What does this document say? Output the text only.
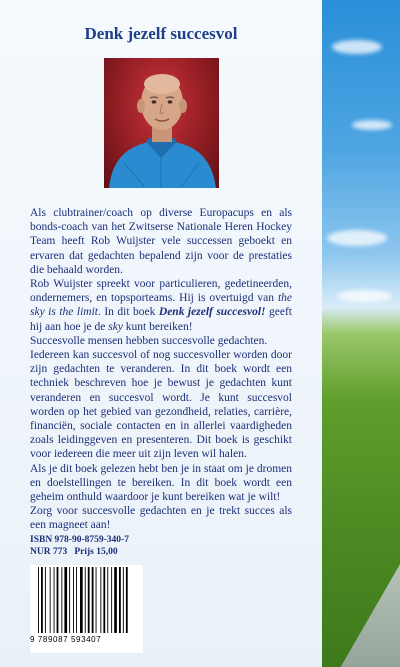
Denk jezelf succesvol

Als clubtrainer/coach op diverse Europacups en als bonds-coach van het Zwitserse Nationale Heren Hockey Team heeft Rob Wuijster vele successen geboekt en ervaren dat gedachten bepalend zijn voor de prestaties die behaald worden.

Rob Wuijster spreekt voor particulieren, gedetineerden, ondernemers, en topsporteams. Hij is overtuigd van the sky is the limit. In dit boek Denk jezelf succesvol! geeft hij aan hoe je de sky kunt bereiken!

Succesvolle mensen hebben succesvolle gedachten.

Iedereen kan succesvol of nog succesvoller worden door zijn gedachten te veranderen. In dit boek wordt een techniek beschreven hoe je bewust je gedachten kunt veranderen en succesvol wordt. Je kunt succesvol worden op het gebied van gezondheid, relaties, carrière, financiën, sociale contacten en in allerlei vaardigheden zoals leidinggeven en presenteren. Dit boek is geschikt voor iedereen die meer uit zijn leven wil halen.

Als je dit boek gelezen hebt ben je in staat om je dromen en doelstellingen te bereiken. In dit boek wordt een geheim onthuld waardoor je kunt bereiken wat je wilt!

Zorg voor succesvolle gedachten en je trekt succes als een magneet aan!

ISBN 978-90-8759-340-7
NUR 773   Prijs 15,00
9 789087 593407
